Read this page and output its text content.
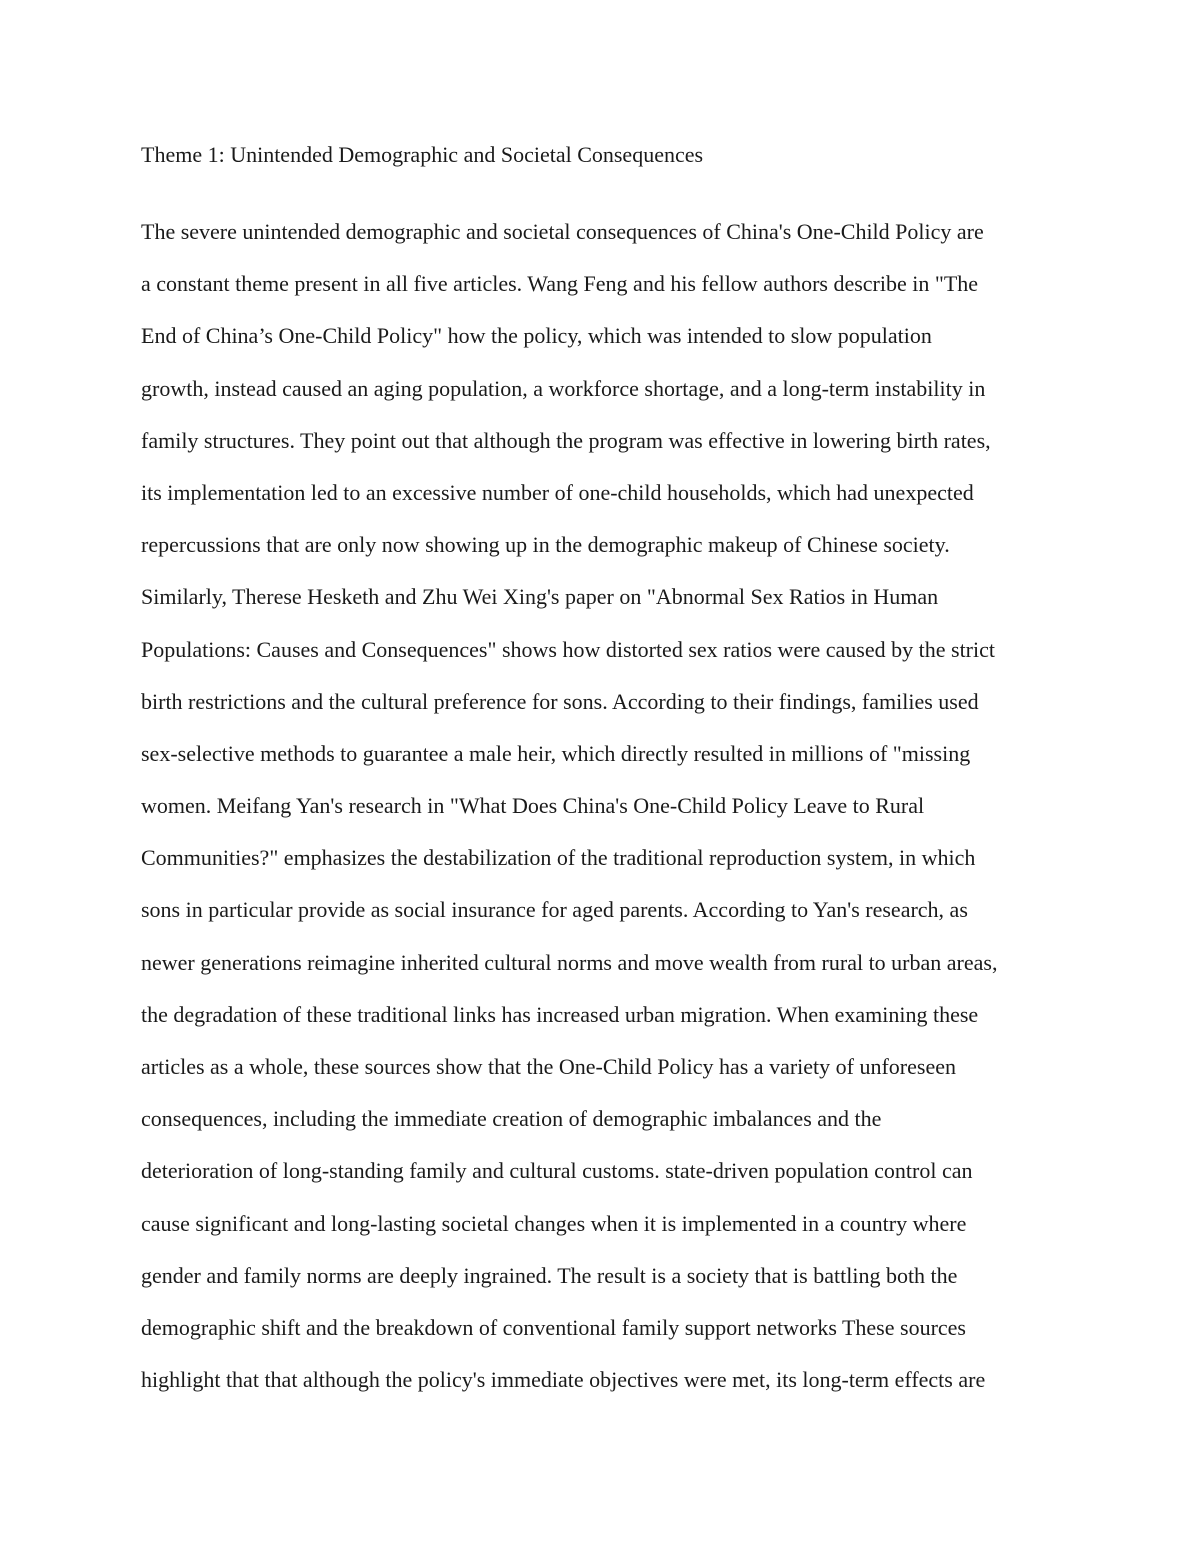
Theme 1: Unintended Demographic and Societal Consequences
The severe unintended demographic and societal consequences of China's One-Child Policy are
a constant theme present in all five articles. Wang Feng and his fellow authors describe in "The
End of China’s One-Child Policy" how the policy, which was intended to slow population
growth, instead caused an aging population, a workforce shortage, and a long-term instability in
family structures. They point out that although the program was effective in lowering birth rates,
its implementation led to an excessive number of one-child households, which had unexpected
repercussions that are only now showing up in the demographic makeup of Chinese society.
Similarly, Therese Hesketh and Zhu Wei Xing's paper on "Abnormal Sex Ratios in Human
Populations: Causes and Consequences" shows how distorted sex ratios were caused by the strict
birth restrictions and the cultural preference for sons. According to their findings, families used
sex-selective methods to guarantee a male heir, which directly resulted in millions of "missing
women. Meifang Yan's research in "What Does China's One-Child Policy Leave to Rural
Communities?" emphasizes the destabilization of the traditional reproduction system, in which
sons in particular provide as social insurance for aged parents. According to Yan's research, as
newer generations reimagine inherited cultural norms and move wealth from rural to urban areas,
the degradation of these traditional links has increased urban migration. When examining these
articles as a whole, these sources show that the One-Child Policy has a variety of unforeseen
consequences, including the immediate creation of demographic imbalances and the
deterioration of long-standing family and cultural customs. state-driven population control can
cause significant and long-lasting societal changes when it is implemented in a country where
gender and family norms are deeply ingrained. The result is a society that is battling both the
demographic shift and the breakdown of conventional family support networks These sources
highlight that that although the policy's immediate objectives were met, its long-term effects are
